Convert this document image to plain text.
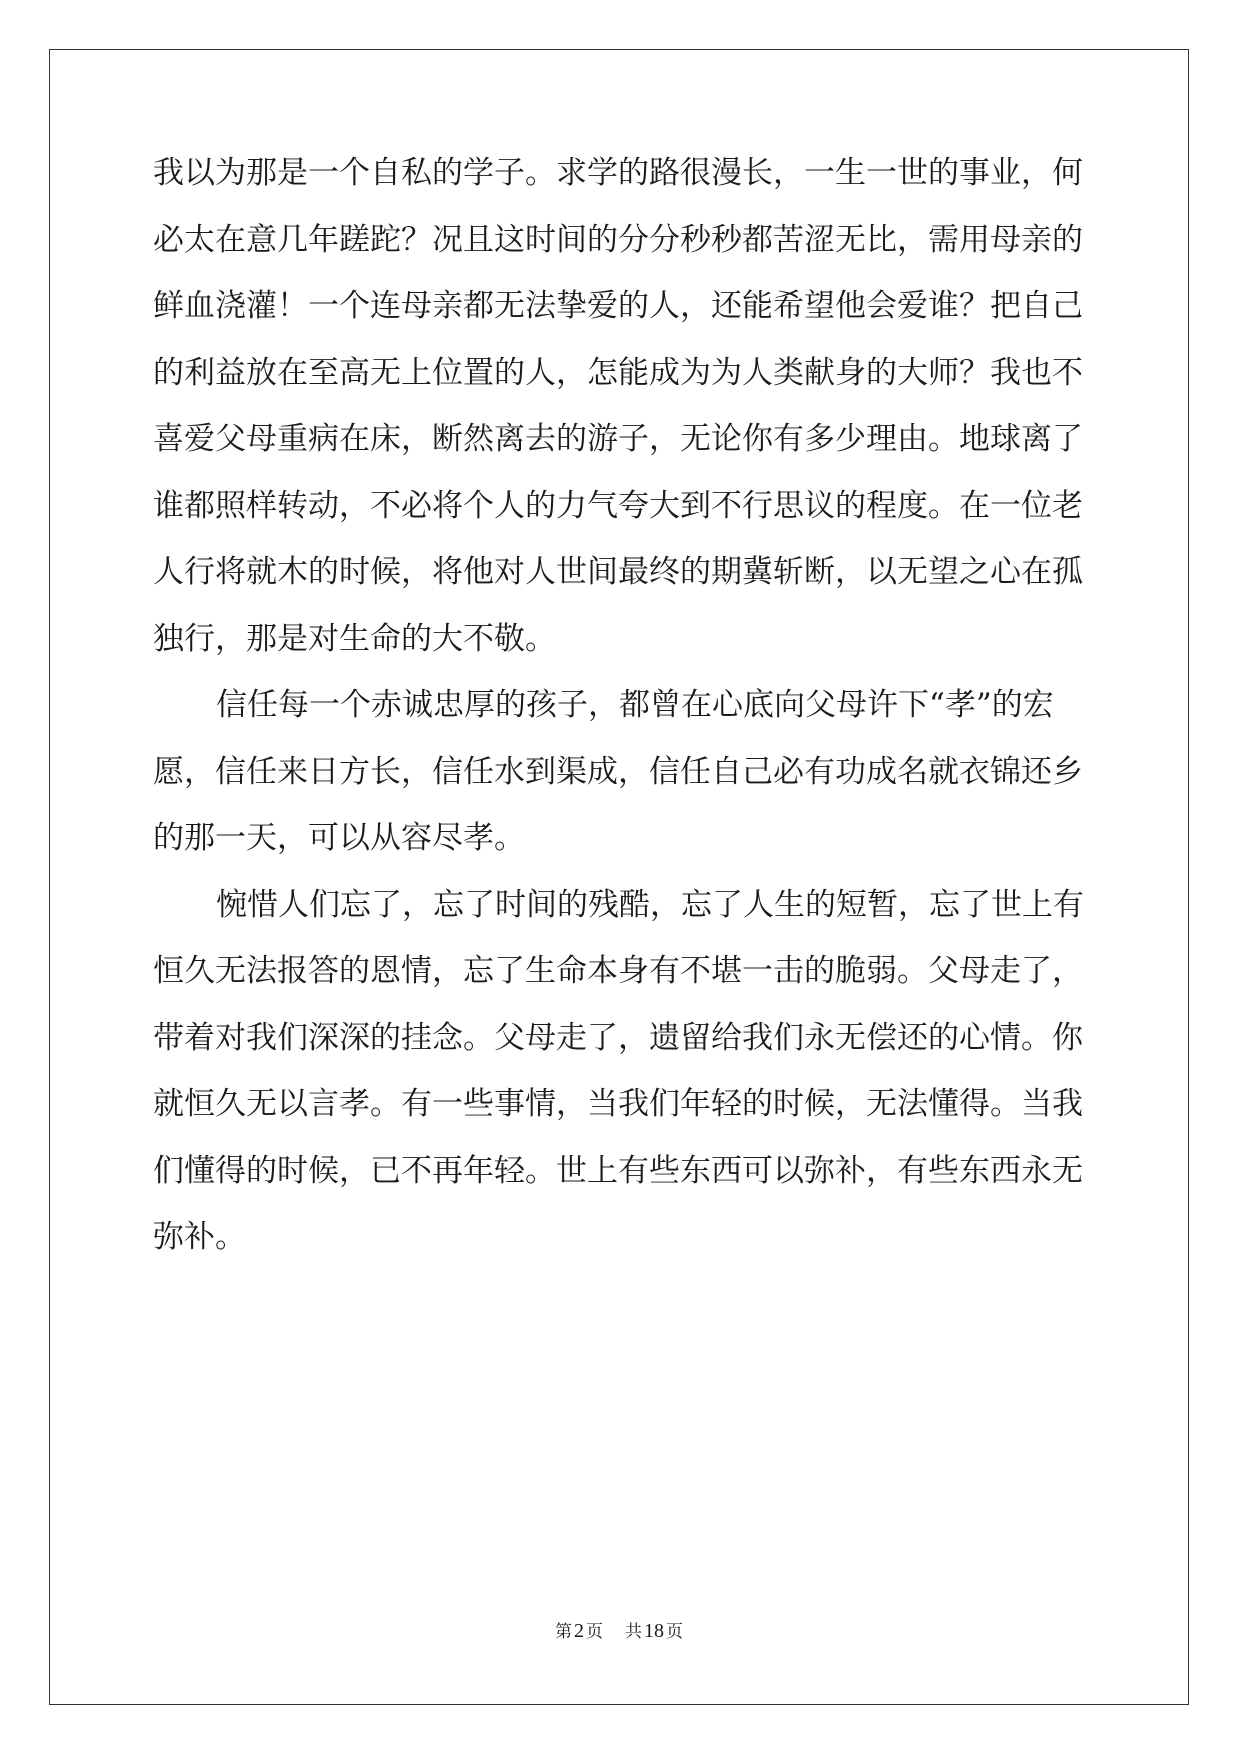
我以为那是一个自私的学子。求学的路很漫长，一生一世的事业，何
必太在意几年蹉跎？况且这时间的分分秒秒都苦涩无比，需用母亲的
鲜血浇灌！一个连母亲都无法挚爱的人，还能希望他会爱谁？把自己
的利益放在至高无上位置的人，怎能成为为人类献身的大师？我也不
喜爱父母重病在床，断然离去的游子，无论你有多少理由。地球离了
谁都照样转动，不必将个人的力气夸大到不行思议的程度。在一位老
人行将就木的时候，将他对人世间最终的期冀斩断，以无望之心在孤
独行，那是对生命的大不敬。
信任每一个赤诚忠厚的孩子，都曾在心底向父母许下“孝”的宏
愿，信任来日方长，信任水到渠成，信任自己必有功成名就衣锦还乡
的那一天，可以从容尽孝。
惋惜人们忘了，忘了时间的残酷，忘了人生的短暂，忘了世上有
恒久无法报答的恩情，忘了生命本身有不堪一击的脆弱。父母走了，
带着对我们深深的挂念。父母走了，遗留给我们永无偿还的心情。你
就恒久无以言孝。有一些事情，当我们年轻的时候，无法懂得。当我
们懂得的时候，已不再年轻。世上有些东西可以弥补，有些东西永无
弥补。
第 2 页 共 18 页
